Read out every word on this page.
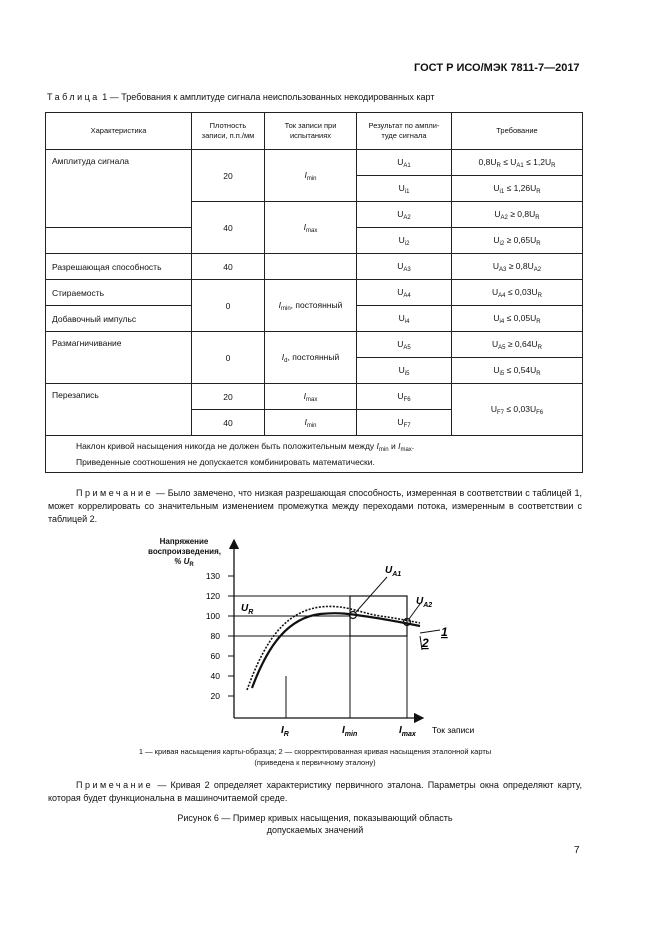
ГОСТ Р ИСО/МЭК 7811-7—2017
Таблица 1 — Требования к амплитуде сигнала неиспользованных некодированных карт
Характеристика	Плотность записи, п.п./мм	Ток записи при испытаниях	Результат по ампли-туде сигнала	Требование
Амплитуда сигнала	20	$I_{min}$	$U_{A1}$	$0,8U_R \le U_{A1} \le 1,2U_R$
			$U_{i1}$	$U_{i1} \le 1,26U_R$
	40	$I_{max}$	$U_{A2}$	$U_{A2} \ge 0,8U_R$
			$U_{i2}$	$U_{i2} \ge 0,65U_R$
Разрешающая способность	40		$U_{A3}$	$U_{A3} \ge 0,8U_{A2}$
Стираемость	0	$I_{min}$, постоянный	$U_{A4}$	$U_{A4} \le 0,03U_R$
Добавочный импульс			$U_{i4}$	$U_{i4} \le 0,05U_R$
Размагничивание	0	$I_d$, постоянный	$U_{A5}$	$U_{A5} \ge 0,64U_R$
			$U_{i5}$	$U_{i5} \le 0,54U_R$
Перезапись	20	$I_{max}$	$U_{F6}$	$U_{F7} \le 0,03U_{F6}$
	40	$I_{min}$	$U_{F7}$
Наклон кривой насыщения никогда не должен быть положительным между $I_{min}$ и $I_{max}$.
Приведенные соотношения не допускается комбинировать математически.				
Примечание — Было замечено, что низкая разрешающая способность, измеренная в соответствии с таблицей 1, может коррелировать со значительным изменением промежутка между переходами потока, измеренным в соответствии с таблицей 2.
Напряжение
воспроизведения,
% $U_R$
130
120
100
80
60
40
20
$U_R$
$U_{A1}$
$U_{A2}$
1
2
$I_R$	$I_{min}$	$I_{max}$ Ток записи
1 — кривая насыщения карты-образца; 2 — скорректированная кривая насыщения эталонной карты
(приведена к первичному эталону)
Примечание — Кривая 2 определяет характеристику первичного эталона. Параметры окна определяют карту, которая будет функциональна в машиночитаемой среде.
Рисунок 6 — Пример кривых насыщения, показывающий область
допускаемых значений
7
